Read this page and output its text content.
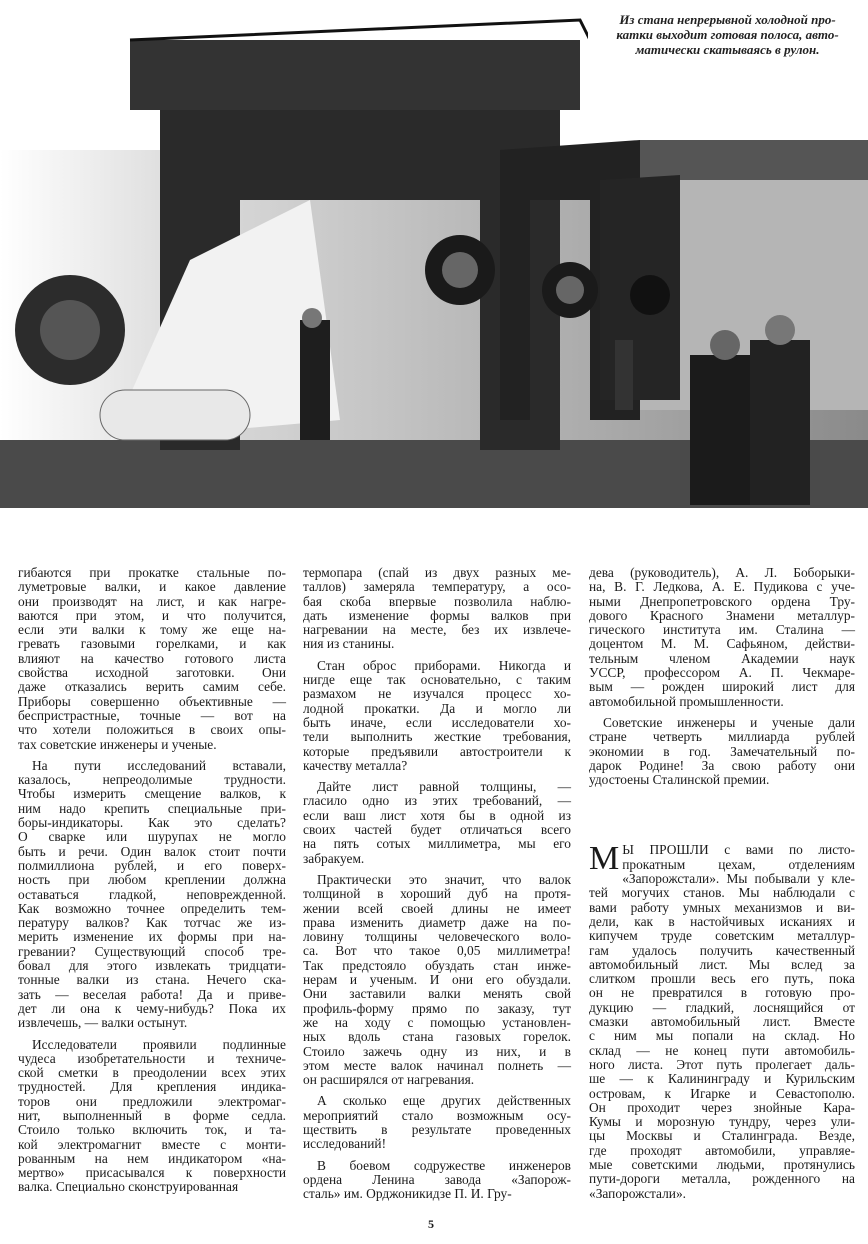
Из стана непрерывной холодной про-
катки выходит готовая полоса, авто-
матически скатываясь в рулон.
гибаются при прокатке стальные по-
луметровые валки, и какое давление
они производят на лист, и как нагре-
ваются при этом, и что получится,
если эти валки к тому же еще на-
гревать газовыми горелками, и как
влияют на качество готового листа
свойства исходной заготовки. Они
даже отказались верить самим себе.
Приборы совершенно объективные —
беспристрастные, точные — вот на
что хотели положиться в своих опы-
тах советские инженеры и ученые.
На пути исследований вставали,
казалось, непреодолимые трудности.
Чтобы измерить смещение валков, к
ним надо крепить специальные при-
боры-индикаторы. Как это сделать?
О сварке или шурупах не могло
быть и речи. Один валок стоит почти
полмиллиона рублей, и его поверх-
ность при любом креплении должна
оставаться гладкой, неповрежденной.
Как возможно точнее определить тем-
пературу валков? Как тотчас же из-
мерить изменение их формы при на-
гревании? Существующий способ тре-
бовал для этого извлекать тридцати-
тонные валки из стана. Нечего ска-
зать — веселая работа! Да и приве-
дет ли она к чему-нибудь? Пока их
извлечешь, — валки остынут.
Исследователи проявили подлинные
чудеса изобретательности и техниче-
ской сметки в преодолении всех этих
трудностей. Для крепления индика-
торов они предложили электромаг-
нит, выполненный в форме седла.
Стоило только включить ток, и та-
кой электромагнит вместе с монти-
рованным на нем индикатором «на-
мертво» присасывался к поверхности
валка. Специально сконструированная
термопара (спай из двух разных ме-
таллов) замеряла температуру, а осо-
бая скоба впервые позволила наблю-
дать изменение формы валков при
нагревании на месте, без их извлече-
ния из станины.
Стан оброс приборами. Никогда и
нигде еще так основательно, с таким
размахом не изучался процесс хо-
лодной прокатки. Да и могло ли
быть иначе, если исследователи хо-
тели выполнить жесткие требования,
которые предъявили автостроители к
качеству металла?
Дайте лист равной толщины, —
гласило одно из этих требований, —
если ваш лист хотя бы в одной из
своих частей будет отличаться всего
на пять сотых миллиметра, мы его
забракуем.
Практически это значит, что валок
толщиной в хороший дуб на протя-
жении всей своей длины не имеет
права изменить диаметр даже на по-
ловину толщины человеческого воло-
са. Вот что такое 0,05 миллиметра!
Так предстояло обуздать стан инже-
нерам и ученым. И они его обуздали.
Они заставили валки менять свой
профиль-форму прямо по заказу, тут
же на ходу с помощью установлен-
ных вдоль стана газовых горелок.
Стоило зажечь одну из них, и в
этом месте валок начинал полнеть —
он расширялся от нагревания.
А сколько еще других действенных
мероприятий стало возможным осу-
ществить в результате проведенных
исследований!
В боевом содружестве инженеров
ордена Ленина завода «Запорож-
сталь» им. Орджоникидзе П. И. Гру-
дева (руководитель), А. Л. Боборыки-
на, В. Г. Ледкова, А. Е. Пудикова с уче-
ными Днепропетровского ордена Тру-
дового Красного Знамени металлур-
гического института им. Сталина —
доцентом М. М. Сафьяном, действи-
тельным членом Академии наук
УССР, профессором А. П. Чекмаре-
вым — рожден широкий лист для
автомобильной промышленности.
Советские инженеры и ученые дали
стране четверть миллиарда рублей
экономии в год. Замечательный по-
дарок Родине! За свою работу они
удостоены Сталинской премии.
М Ы ПРОШЛИ с вами по листо-
прокатным цехам, отделениям
«Запорожстали». Мы побывали у кле-
тей могучих станов. Мы наблюдали с
вами работу умных механизмов и ви-
дели, как в настойчивых исканиях и
кипучем труде советским металлур-
гам удалось получить качественный
автомобильный лист. Мы вслед за
слитком прошли весь его путь, пока
он не превратился в готовую про-
дукцию — гладкий, лоснящийся от
смазки автомобильный лист. Вместе
с ним мы попали на склад. Но
склад — не конец пути автомобиль-
ного листа. Этот путь пролегает даль-
ше — к Калининграду и Курильским
островам, к Игарке и Севастополю.
Он проходит через знойные Кара-
Кумы и морозную тундру, через ули-
цы Москвы и Сталинграда. Везде,
где проходят автомобили, управляе-
мые советскими людьми, протянулись
пути-дороги металла, рожденного на
«Запорожстали».
5
